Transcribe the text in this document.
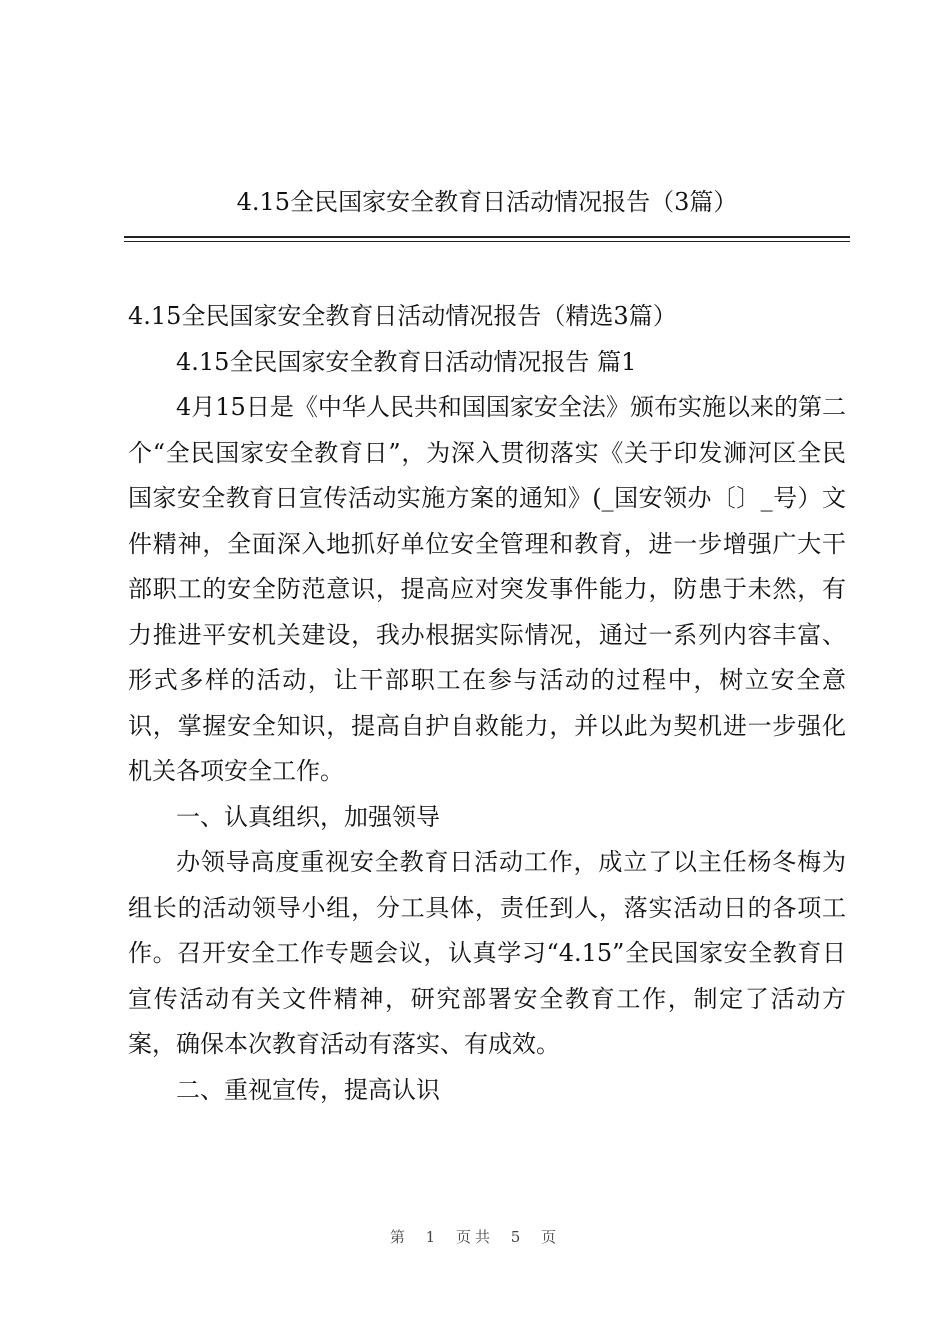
4.15全民国家安全教育日活动情况报告（3篇）

4.15全民国家安全教育日活动情况报告（精选3篇）

4.15全民国家安全教育日活动情况报告 篇1

4月15日是《中华人民共和国国家安全法》颁布实施以来的第二个“全民国家安全教育日”，为深入贯彻落实《关于印发浉河区全民国家安全教育日宣传活动实施方案的通知》(_国安领办〔〕_号）文件精神，全面深入地抓好单位安全管理和教育，进一步增强广大干部职工的安全防范意识，提高应对突发事件能力，防患于未然，有力推进平安机关建设，我办根据实际情况，通过一系列内容丰富、形式多样的活动，让干部职工在参与活动的过程中，树立安全意识，掌握安全知识，提高自护自救能力，并以此为契机进一步强化机关各项安全工作。

一、认真组织，加强领导

办领导高度重视安全教育日活动工作，成立了以主任杨冬梅为组长的活动领导小组，分工具体，责任到人，落实活动日的各项工作。召开安全工作专题会议，认真学习“4.15”全民国家安全教育日宣传活动有关文件精神，研究部署安全教育工作，制定了活动方案，确保本次教育活动有落实、有成效。

二、重视宣传，提高认识

第 1 页共 5 页
